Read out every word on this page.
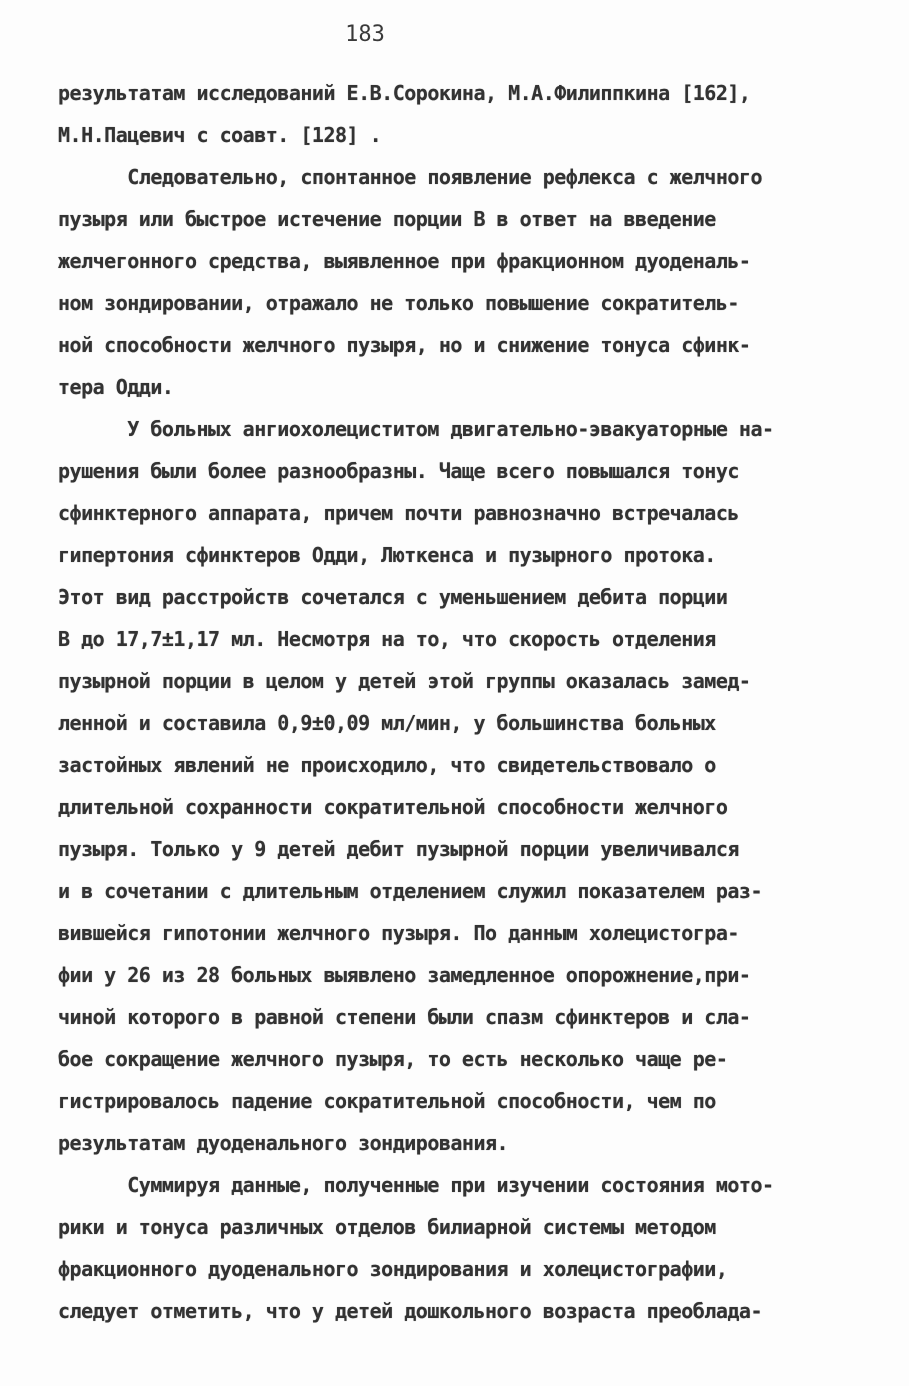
183
результатам исследований Е.В.Сорокина, М.А.Филиппкина [162],
М.Н.Пацевич с соавт. [128] .
Следовательно, спонтанное появление рефлекса с желчного
пузыря или быстрое истечение порции В в ответ на введение
желчегонного средства, выявленное при фракционном дуоденаль-
ном зондировании, отражало не только повышение сократитель-
ной способности желчного пузыря, но и снижение тонуса сфинк-
тера Одди.
У больных ангиохолециститом двигательно-эвакуаторные на-
рушения были более разнообразны. Чаще всего повышался тонус
сфинктерного аппарата, причем почти равнозначно встречалась
гипертония сфинктеров Одди, Люткенса и пузырного протока.
Этот вид расстройств сочетался с уменьшением дебита порции
В до 17,7±1,17 мл. Несмотря на то, что скорость отделения
пузырной порции в целом у детей этой группы оказалась замед-
ленной и составила 0,9±0,09 мл/мин, у большинства больных
застойных явлений не происходило, что свидетельствовало о
длительной сохранности сократительной способности желчного
пузыря. Только у 9 детей дебит пузырной порции увеличивался
и в сочетании с длительным отделением служил показателем раз-
вившейся гипотонии желчного пузыря. По данным холецистогра-
фии у 26 из 28 больных выявлено замедленное опорожнение,при-
чиной которого в равной степени были спазм сфинктеров и сла-
бое сокращение желчного пузыря, то есть несколько чаще ре-
гистрировалось падение сократительной способности, чем по
результатам дуоденального зондирования.
Суммируя данные, полученные при изучении состояния мото-
рики и тонуса различных отделов билиарной системы методом
фракционного дуоденального зондирования и холецистографии,
следует отметить, что у детей дошкольного возраста преоблада-
